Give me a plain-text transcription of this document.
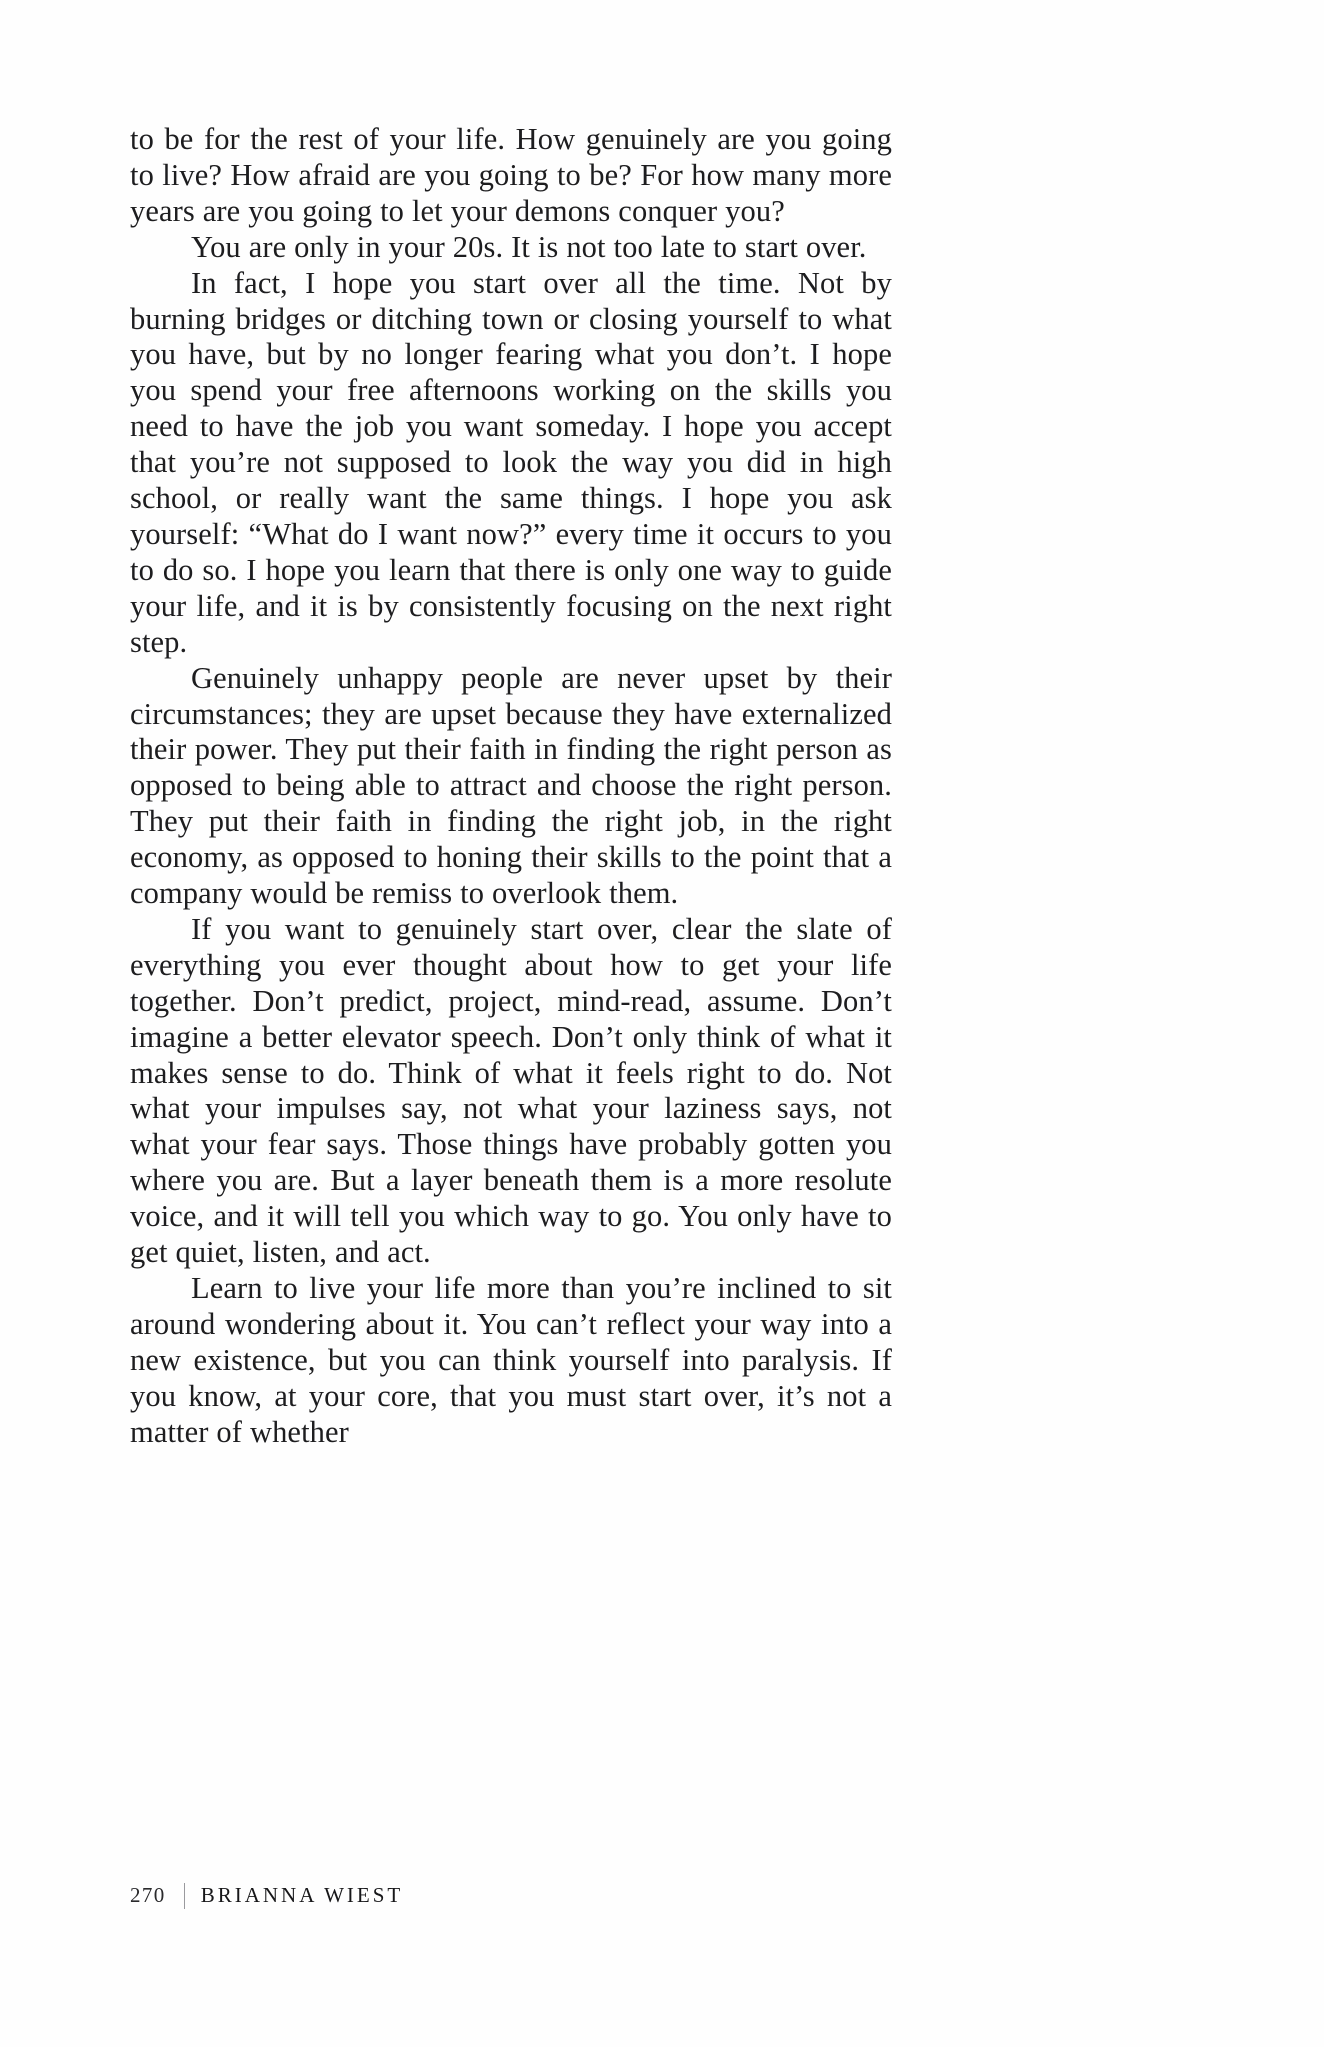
to be for the rest of your life. How genuinely are you going to live? How afraid are you going to be? For how many more years are you going to let your demons conquer you?

You are only in your 20s. It is not too late to start over.

In fact, I hope you start over all the time. Not by burning bridges or ditching town or closing yourself to what you have, but by no longer fearing what you don’t. I hope you spend your free afternoons working on the skills you need to have the job you want someday. I hope you accept that you’re not supposed to look the way you did in high school, or really want the same things. I hope you ask yourself: “What do I want now?” every time it occurs to you to do so. I hope you learn that there is only one way to guide your life, and it is by consistently focusing on the next right step.

Genuinely unhappy people are never upset by their circumstances; they are upset because they have externalized their power. They put their faith in finding the right person as opposed to being able to attract and choose the right person. They put their faith in finding the right job, in the right economy, as opposed to honing their skills to the point that a company would be remiss to overlook them.

If you want to genuinely start over, clear the slate of everything you ever thought about how to get your life together. Don’t predict, project, mind-read, assume. Don’t imagine a better elevator speech. Don’t only think of what it makes sense to do. Think of what it feels right to do. Not what your impulses say, not what your laziness says, not what your fear says. Those things have probably gotten you where you are. But a layer beneath them is a more resolute voice, and it will tell you which way to go. You only have to get quiet, listen, and act.

Learn to live your life more than you’re inclined to sit around wondering about it. You can’t reflect your way into a new existence, but you can think yourself into paralysis. If you know, at your core, that you must start over, it’s not a matter of whether

270 BRIANNA WIEST
